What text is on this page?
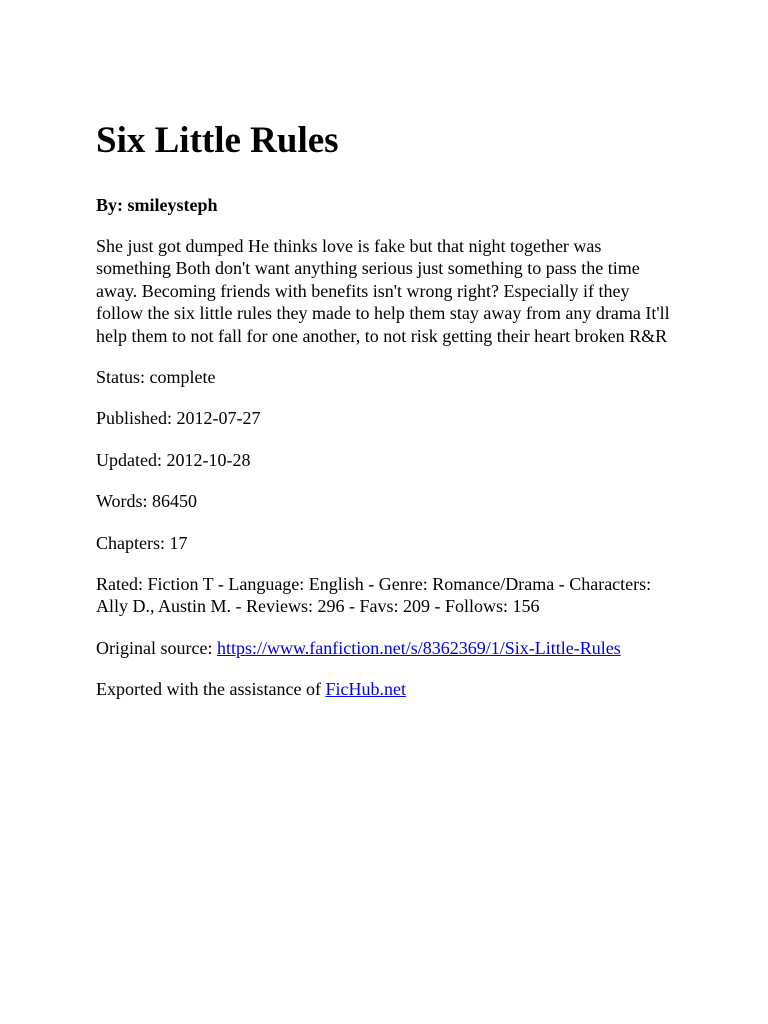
Six Little Rules

By: smileysteph

She just got dumped He thinks love is fake but that night together was something Both don't want anything serious just something to pass the time away. Becoming friends with benefits isn't wrong right? Especially if they follow the six little rules they made to help them stay away from any drama It'll help them to not fall for one another, to not risk getting their heart broken R&R

Status: complete

Published: 2012-07-27

Updated: 2012-10-28

Words: 86450

Chapters: 17

Rated: Fiction T - Language: English - Genre: Romance/Drama - Characters: Ally D., Austin M. - Reviews: 296 - Favs: 209 - Follows: 156

Original source: https://www.fanfiction.net/s/8362369/1/Six-Little-Rules

Exported with the assistance of FicHub.net
